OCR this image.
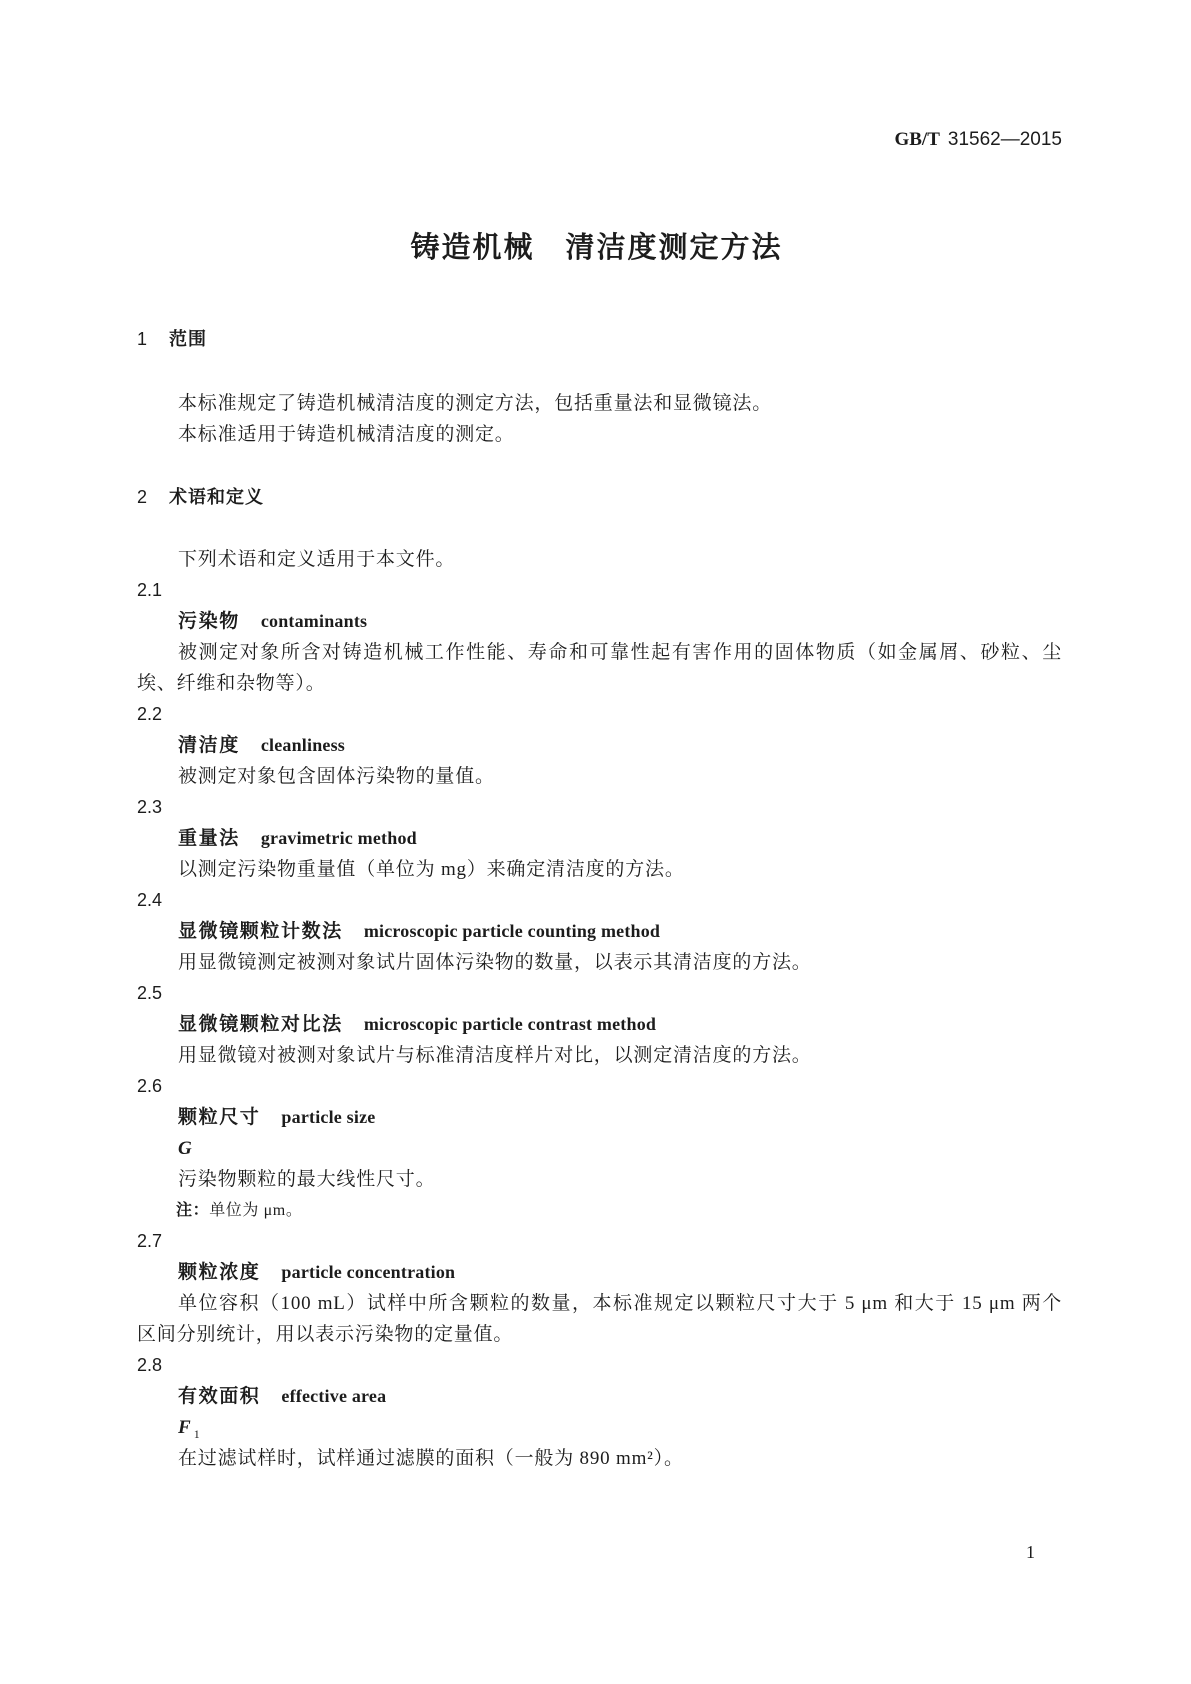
GB/T 31562—2015
铸造机械　清洁度测定方法
1 范围
本标准规定了铸造机械清洁度的测定方法，包括重量法和显微镜法。
本标准适用于铸造机械清洁度的测定。
2 术语和定义
下列术语和定义适用于本文件。
2.1
污染物 contaminants
被测定对象所含对铸造机械工作性能、寿命和可靠性起有害作用的固体物质（如金属屑、砂粒、尘
埃、纤维和杂物等）。
2.2
清洁度 cleanliness
被测定对象包含固体污染物的量值。
2.3
重量法 gravimetric method
以测定污染物重量值（单位为 mg）来确定清洁度的方法。
2.4
显微镜颗粒计数法 microscopic particle counting method
用显微镜测定被测对象试片固体污染物的数量，以表示其清洁度的方法。
2.5
显微镜颗粒对比法 microscopic particle contrast method
用显微镜对被测对象试片与标准清洁度样片对比，以测定清洁度的方法。
2.6
颗粒尺寸 particle size
G
污染物颗粒的最大线性尺寸。
注：单位为 μm。
2.7
颗粒浓度 particle concentration
单位容积（100 mL）试样中所含颗粒的数量，本标准规定以颗粒尺寸大于 5 μm 和大于 15 μm 两个
区间分别统计，用以表示污染物的定量值。
2.8
有效面积 effective area
F $_1$
在过滤试样时，试样通过滤膜的面积（一般为 890 mm²）。
1
